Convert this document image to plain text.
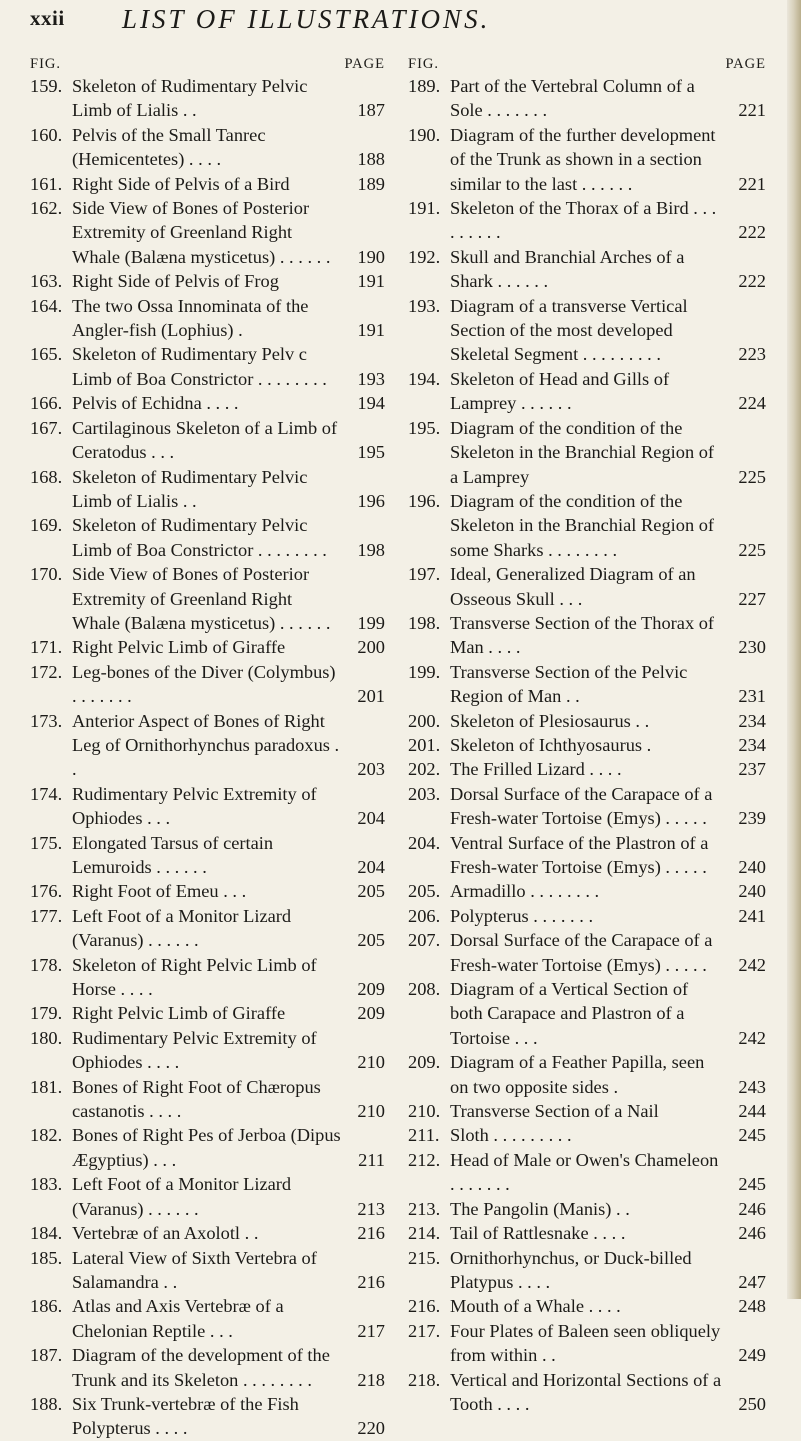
xxii LIST OF ILLUSTRATIONS.
FIG.	PAGE
159. Skeleton of Rudimentary Pelvic Limb of Lialis . .	187
160. Pelvis of the Small Tanrec (Hemicentetes) . . . .	188
161. Right Side of Pelvis of a Bird	189
162. Side View of Bones of Posterior Extremity of Greenland Right Whale (Balæna mysticetus) . . . . . .	190
163. Right Side of Pelvis of Frog	191
164. The two Ossa Innominata of the Angler-fish (Lophius) .	191
165. Skeleton of Rudimentary Pelv c Limb of Boa Constrictor . . . . . . . .	193
166. Pelvis of Echidna . . . .	194
167. Cartilaginous Skeleton of a Limb of Ceratodus . . .	195
168. Skeleton of Rudimentary Pelvic Limb of Lialis . .	196
169. Skeleton of Rudimentary Pelvic Limb of Boa Constrictor . . . . . . . .	198
170. Side View of Bones of Posterior Extremity of Greenland Right Whale (Balæna mysticetus) . . . . . .	199
171. Right Pelvic Limb of Giraffe	200
172. Leg-bones of the Diver (Colymbus) . . . . . . .	201
173. Anterior Aspect of Bones of Right Leg of Ornithorhynchus paradoxus . .	203
174. Rudimentary Pelvic Extremity of Ophiodes . . .	204
175. Elongated Tarsus of certain Lemuroids . . . . . .	204
176. Right Foot of Emeu . . .	205
177. Left Foot of a Monitor Lizard (Varanus) . . . . . .	205
178. Skeleton of Right Pelvic Limb of Horse . . . .	209
179. Right Pelvic Limb of Giraffe	209
180. Rudimentary Pelvic Extremity of Ophiodes . . . .	210
181. Bones of Right Foot of Chæropus castanotis . . . .	210
182. Bones of Right Pes of Jerboa (Dipus Ægyptius) . . .	211
183. Left Foot of a Monitor Lizard (Varanus) . . . . . .	213
184. Vertebræ of an Axolotl . .	216
185. Lateral View of Sixth Vertebra of Salamandra . .	216
186. Atlas and Axis Vertebræ of a Chelonian Reptile . . .	217
187. Diagram of the development of the Trunk and its Skeleton . . . . . . . .	218
188. Six Trunk-vertebræ of the Fish Polypterus . . . .	220
FIG.	PAGE
189. Part of the Vertebral Column of a Sole . . . . . . .	221
190. Diagram of the further development of the Trunk as shown in a section similar to the last . . . . . .	221
191. Skeleton of the Thorax of a Bird . . . . . . . . .	222
192. Skull and Branchial Arches of a Shark . . . . . .	222
193. Diagram of a transverse Vertical Section of the most developed Skeletal Segment . . . . . . . . .	223
194. Skeleton of Head and Gills of Lamprey . . . . . .	224
195. Diagram of the condition of the Skeleton in the Branchial Region of a Lamprey	225
196. Diagram of the condition of the Skeleton in the Branchial Region of some Sharks . . . . . . . .	225
197. Ideal, Generalized Diagram of an Osseous Skull . . .	227
198. Transverse Section of the Thorax of Man . . . .	230
199. Transverse Section of the Pelvic Region of Man . .	231
200. Skeleton of Plesiosaurus . .	234
201. Skeleton of Ichthyosaurus .	234
202. The Frilled Lizard . . . .	237
203. Dorsal Surface of the Carapace of a Fresh-water Tortoise (Emys) . . . . .	239
204. Ventral Surface of the Plastron of a Fresh-water Tortoise (Emys) . . . . .	240
205. Armadillo . . . . . . . .	240
206. Polypterus . . . . . . .	241
207. Dorsal Surface of the Carapace of a Fresh-water Tortoise (Emys) . . . . .	242
208. Diagram of a Vertical Section of both Carapace and Plastron of a Tortoise . . .	242
209. Diagram of a Feather Papilla, seen on two opposite sides .	243
210. Transverse Section of a Nail	244
211. Sloth . . . . . . . . .	245
212. Head of Male or Owen's Chameleon . . . . . . .	245
213. The Pangolin (Manis) . .	246
214. Tail of Rattlesnake . . . .	246
215. Ornithorhynchus, or Duck-billed Platypus . . . .	247
216. Mouth of a Whale . . . .	248
217. Four Plates of Baleen seen obliquely from within . .	249
218. Vertical and Horizontal Sections of a Tooth . . . .	250
